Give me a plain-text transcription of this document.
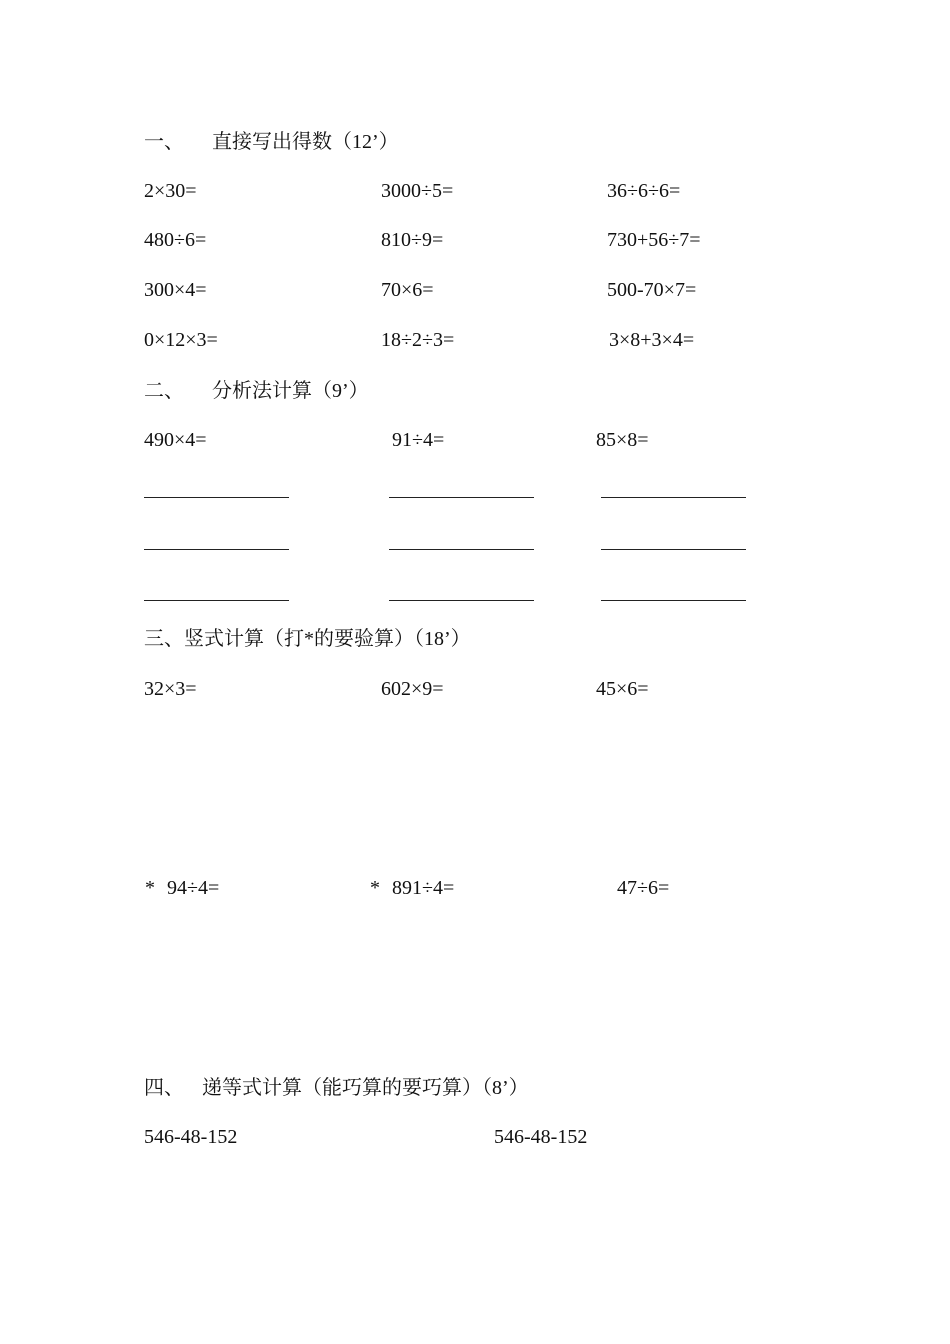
一、 直接写出得数（12’）
2×30=	3000÷5=	36÷6÷6=
480÷6=	810÷9=	730+56÷7=
300×4=	70×6=	500-70×7=
0×12×3=	18÷2÷3=	3×8+3×4=
二、 分析法计算（9’）
490×4=	91÷4=	85×8=
三、竖式计算（打*的要验算）（18’）
32×3=	602×9=	45×6=
* 94÷4=	* 891÷4=	47÷6=
四、 递等式计算（能巧算的要巧算）（8’）
546-48-152	546-48-152
